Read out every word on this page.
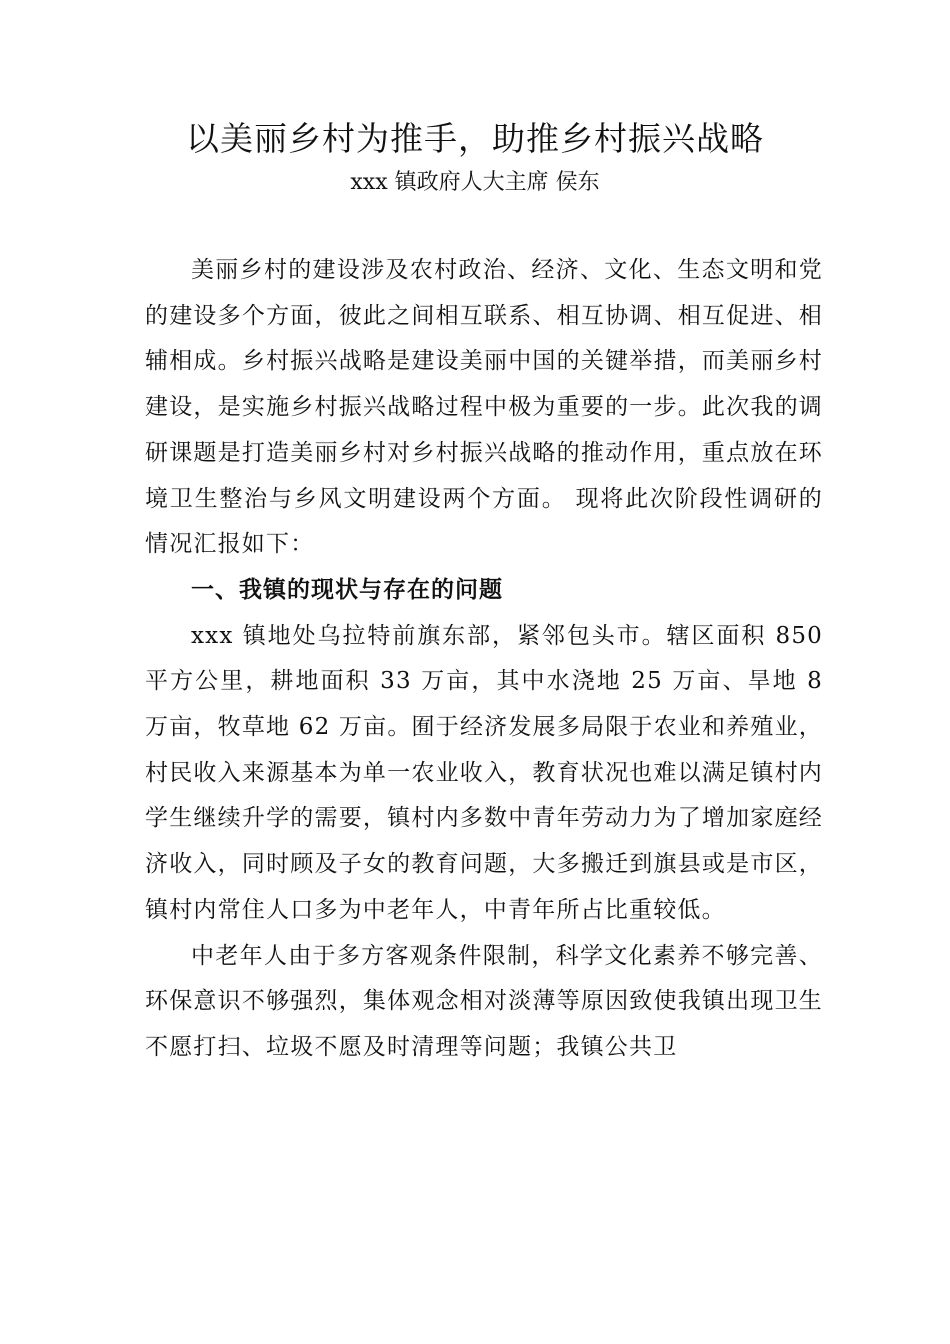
以美丽乡村为推手，助推乡村振兴战略
xxx 镇政府人大主席 侯东

美丽乡村的建设涉及农村政治、经济、文化、生态文明和党的建设多个方面，彼此之间相互联系、相互协调、相互促进、相辅相成。乡村振兴战略是建设美丽中国的关键举措，而美丽乡村建设，是实施乡村振兴战略过程中极为重要的一步。此次我的调研课题是打造美丽乡村对乡村振兴战略的推动作用，重点放在环境卫生整治与乡风文明建设两个方面。 现将此次阶段性调研的情况汇报如下：

一、我镇的现状与存在的问题

xxx 镇地处乌拉特前旗东部，紧邻包头市。辖区面积 850 平方公里，耕地面积 33 万亩，其中水浇地 25 万亩、旱地 8 万亩，牧草地 62 万亩。囿于经济发展多局限于农业和养殖业，村民收入来源基本为单一农业收入，教育状况也难以满足镇村内学生继续升学的需要，镇村内多数中青年劳动力为了增加家庭经济收入，同时顾及子女的教育问题，大多搬迁到旗县或是市区，镇村内常住人口多为中老年人，中青年所占比重较低。

中老年人由于多方客观条件限制，科学文化素养不够完善、环保意识不够强烈，集体观念相对淡薄等原因致使我镇出现卫生不愿打扫、垃圾不愿及时清理等问题；我镇公共卫
